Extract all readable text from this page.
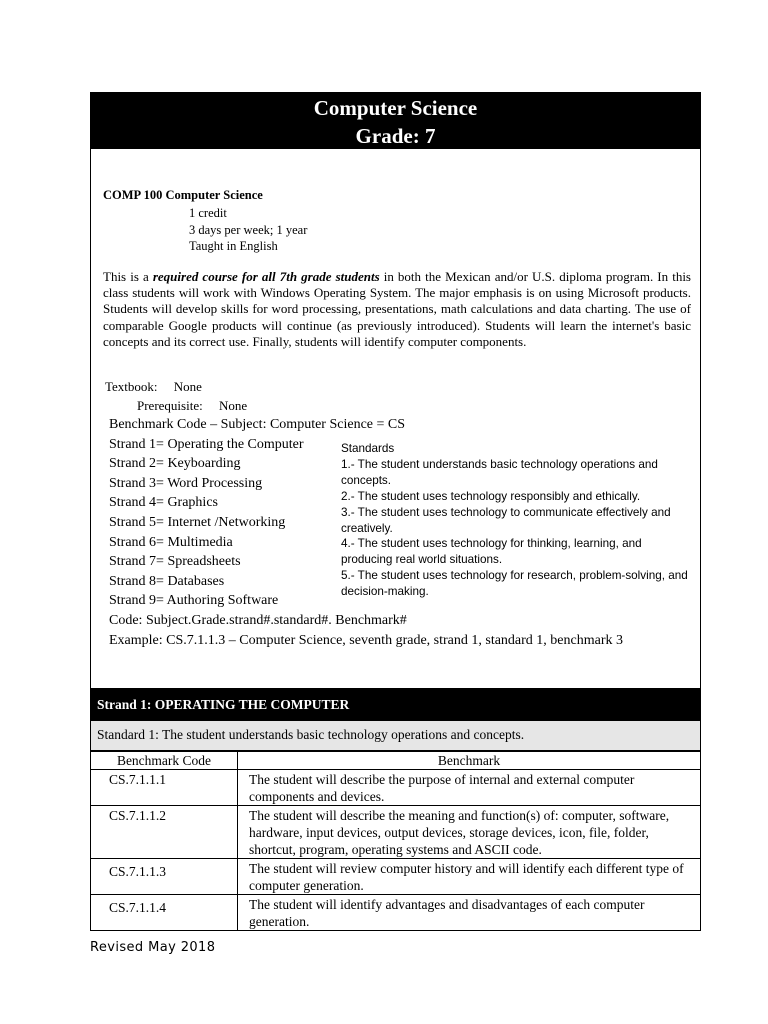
Computer Science
Grade: 7
COMP 100 Computer Science
1 credit
3 days per week; 1 year
Taught in English

This is a required course for all 7th grade students in both the Mexican and/or U.S. diploma program. In this class students will work with Windows Operating System. The major emphasis is on using Microsoft products. Students will develop skills for word processing, presentations, math calculations and data charting. The use of comparable Google products will continue (as previously introduced). Students will learn the internet's basic concepts and its correct use. Finally, students will identify computer components.

Textbook:     None
Prerequisite:     None
Benchmark Code – Subject: Computer Science = CS
Strand 1= Operating the Computer
Strand 2= Keyboarding
Strand 3= Word Processing
Strand 4= Graphics
Strand 5= Internet /Networking
Strand 6= Multimedia
Strand 7= Spreadsheets
Strand 8= Databases
Strand 9= Authoring Software
Standards
1.- The student understands basic technology operations and concepts.
2.- The student uses technology responsibly and ethically.
3.- The student uses technology to communicate effectively and creatively.
4.- The student uses technology for thinking, learning, and producing real world situations.
5.- The student uses technology for research, problem-solving, and decision-making.
Code: Subject.Grade.strand#.standard#. Benchmark#
Example: CS.7.1.1.3 – Computer Science, seventh grade, strand 1, standard 1, benchmark 3
Strand 1: OPERATING THE COMPUTER
Standard 1: The student understands basic technology operations and concepts.
Benchmark Code	Benchmark
CS.7.1.1.1	The student will describe the purpose of internal and external computer components and devices.
CS.7.1.1.2	The student will describe the meaning and function(s) of: computer, software, hardware, input devices, output devices, storage devices, icon, file, folder, shortcut, program, operating systems and ASCII code.
CS.7.1.1.3	The student will review computer history and will identify each different type of computer generation.
CS.7.1.1.4	The student will identify advantages and disadvantages of each computer generation.
Revised May 2018
